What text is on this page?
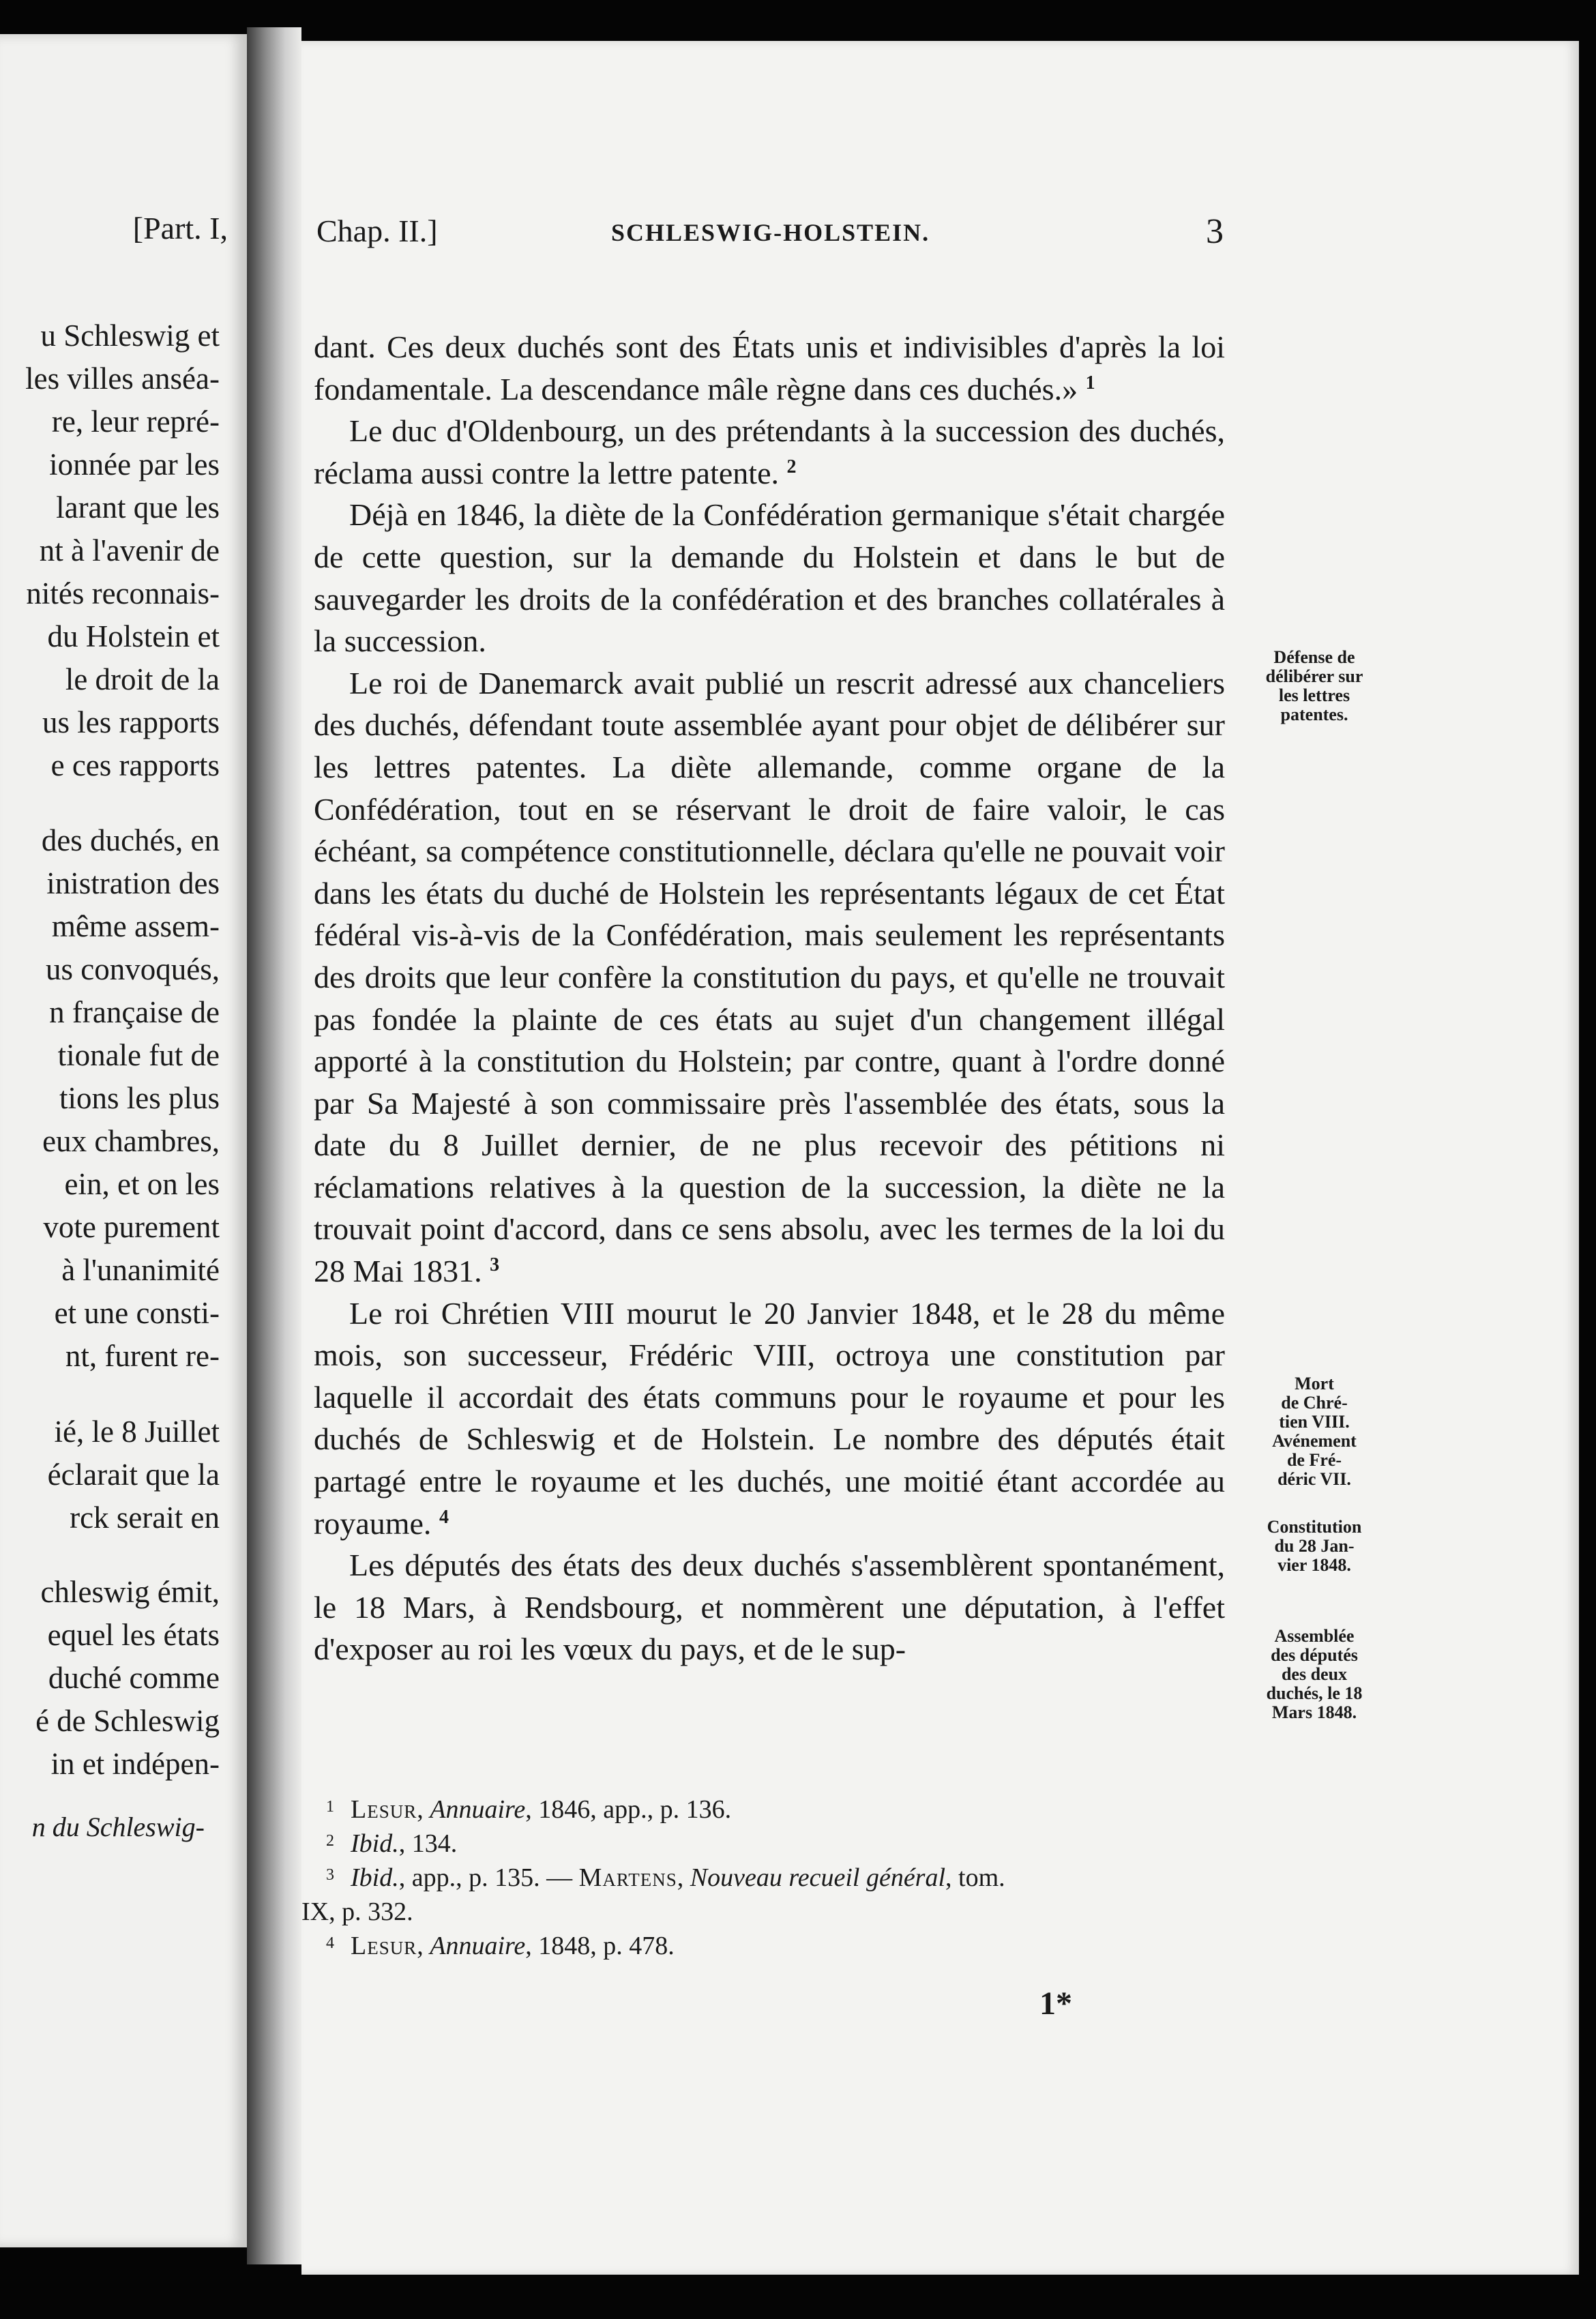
[Part. I,
u Schleswig et
les villes anséa-
re, leur repré-
ionnée par les
larant que les
nt à l'avenir de
nités reconnais-
du Holstein et
le droit de la
us les rapports
e ces rapports
des duchés, en
inistration des
même assem-
us convoqués,
n française de
tionale fut de
tions les plus
eux chambres,
ein, et on les
vote purement
à l'unanimité
et une consti-
nt, furent re-
ié, le 8 Juillet
éclarait que la
rck serait en
chleswig émit,
equel les états
duché comme
é de Schleswig
in et indépen-
n du Schleswig-
Chap. II.]	SCHLESWIG-HOLSTEIN.	3

dant. Ces deux duchés sont des États unis et indivisibles d'après la loi fondamentale. La descendance mâle règne dans ces duchés.» $^1$

Le duc d'Oldenbourg, un des prétendants à la succession des duchés, réclama aussi contre la lettre patente. $^2$

Déjà en 1846, la diète de la Confédération germanique s'était chargée de cette question, sur la demande du Holstein et dans le but de sauvegarder les droits de la confédération et des branches collatérales à la succession.

Le roi de Danemarck avait publié un rescrit adressé aux chanceliers des duchés, défendant toute assemblée ayant pour objet de délibérer sur les lettres patentes. La diète allemande, comme organe de la Confédération, tout en se réservant le droit de faire valoir, le cas échéant, sa compétence constitutionnelle, déclara qu'elle ne pouvait voir dans les états du duché de Holstein les représentants légaux de cet État fédéral vis-à-vis de la Confédération, mais seulement les représentants des droits que leur confère la constitution du pays, et qu'elle ne trouvait pas fondée la plainte de ces états au sujet d'un changement illégal apporté à la constitution du Holstein; par contre, quant à l'ordre donné par Sa Majesté à son commissaire près l'assemblée des états, sous la date du 8 Juillet dernier, de ne plus recevoir des pétitions ni réclamations relatives à la question de la succession, la diète ne la trouvait point d'accord, dans ce sens absolu, avec les termes de la loi du 28 Mai 1831. $^3$

Le roi Chrétien VIII mourut le 20 Janvier 1848, et le 28 du même mois, son successeur, Frédéric VIII, octroya une constitution par laquelle il accordait des états communs pour le royaume et pour les duchés de Schleswig et de Holstein. Le nombre des députés était partagé entre le royaume et les duchés, une moitié étant accordée au royaume. $^4$

Les députés des états des deux duchés s'assemblèrent spontanément, le 18 Mars, à Rendsbourg, et nommèrent une députation, à l'effet d'exposer au roi les vœux du pays, et de le sup-

Défense de
délibérer sur
les lettres
patentes.
Mort
de Chré-
tien VIII.
Avénement
de Fré-
déric VII.
Constitution
du 28 Jan-
vier 1848.
Assemblée
des députés
des deux
duchés, le 18
Mars 1848.
1 Lesur, Annuaire, 1846, app., p. 136.
2 Ibid., 134.
3 Ibid., app., p. 135. — Martens, Nouveau recueil général, tom.
IX, p. 332.
4 Lesur, Annuaire, 1848, p. 478.
1*
